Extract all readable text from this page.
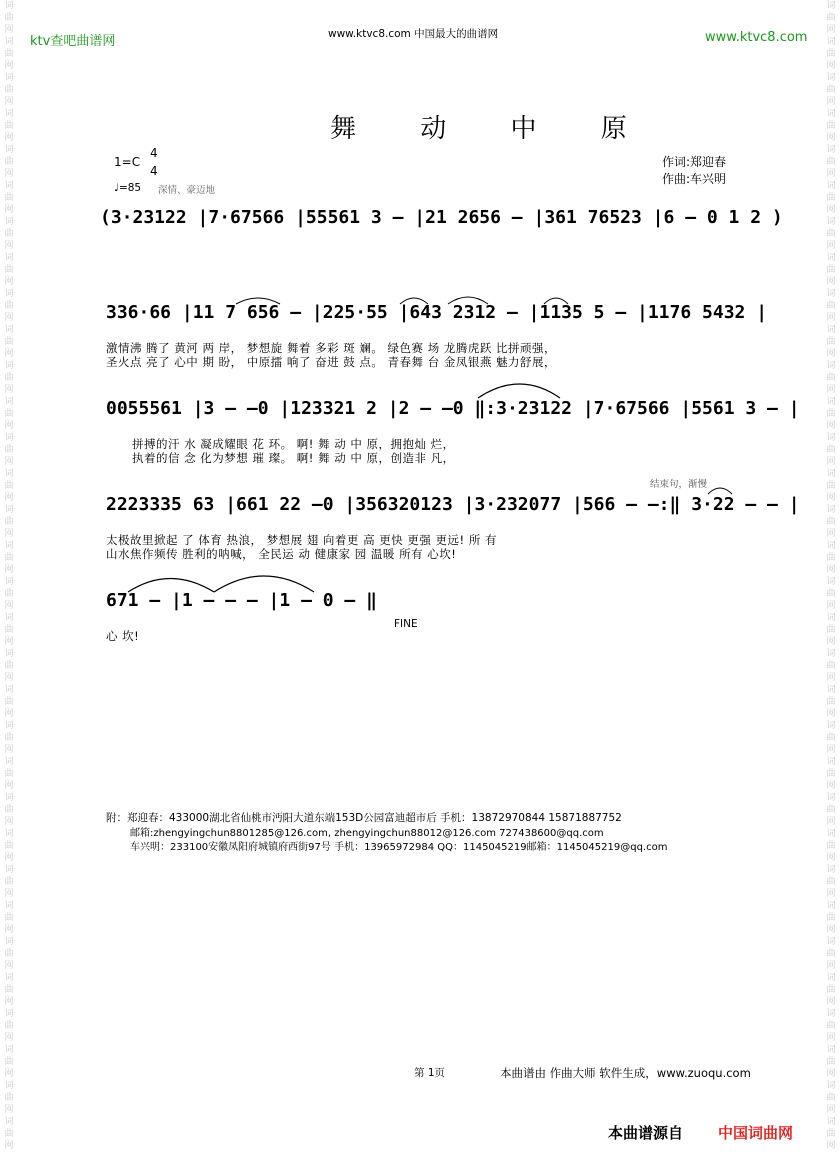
词
曲
网
词
曲
网
词
曲
网
词
曲
网
词
曲
网
词
曲
网
词
曲
网
词
曲
网
词
曲
网
词
曲
网
词
曲
网
词
曲
网
词
曲
网
词
曲
网
词
曲
网
词
曲
网
词
曲
网
词
曲
网
词
曲
网
词
曲
网
词
曲
网
词
曲
网
词
曲
网
词
曲
网
词
曲
网
词
曲
网
词
曲
网
词
曲
网
词
曲
网
词
曲
网
词
曲
网
词
曲
网
词
曲
网
词
曲
网
词
曲
网
词
曲
网
词
曲
网
词
曲
网
词
曲
网
词
曲
网
词
曲
网
词
曲
网
词
曲
网
词
曲
网
词
曲
网
词
曲
网
词
曲
网
词
曲
网
词
曲
网
词
曲
网
词
曲
网
词
曲
网
词
曲
网
词
曲
网
词
曲
网
词
曲
网
词
曲
网
词
曲
网
词
曲
网
词
曲
网
词
曲
网
词
曲
网
词
曲
网
词
曲
网
ktv查吧曲谱网	www.ktvc8.com 中国最大的曲谱网	www.ktvc8.com
舞 动 中 原
1=C
4
4
♩=85 深情、豪迈地
作词:郑迎春
作曲:车兴明
(3·23122 |7·67566 |55561 3 – |21 2656 – |361 76523 |6 – 0 1 2 )
336·66 |11 7 656 – |225·55 |643 2312 – |1135 5 – |1176 5432 |
激情沸 腾了 黄河 两 岸， 梦想旋 舞着 多彩 斑 斓。 绿色赛 场 龙腾虎跃 比拼顽强，
圣火点 亮了 心中 期 盼， 中原擂 响了 奋进 鼓 点。 青春舞 台 金凤银燕 魅力舒展，
0055561 |3 – –0 |123321 2 |2 – –0 ‖:3·23122 |7·67566 |5561 3 – |
拼搏的汗 水 凝成耀眼 花 环。 啊! 舞 动 中 原，拥抱灿 烂，
执着的信 念 化为梦想 璀 璨。 啊! 舞 动 中 原，创造非 凡，
结束句，渐慢
2223335 63 |661 22 –0 |356320123 |3·232077 |566 – –:‖ 3·22 – – |
太极故里掀起 了 体育 热浪， 梦想展 翅 向着更 高 更快 更强 更远! 所 有
山水焦作频传 胜利的呐喊， 全民运 动 健康家 园 温暖 所有 心坎!
671 – |1 – – – |1 – 0 – ‖
FINE
心 坎!
附：郑迎春：433000湖北省仙桃市沔阳大道东端153D公园富迪超市后 手机：13872970844 15871887752
邮箱:zhengyingchun8801285@126.com, zhengyingchun88012@126.com 727438600@qq.com
车兴明：233100安徽凤阳府城镇府西街97号 手机：13965972984 QQ：1145045219邮箱：1145045219@qq.com
第 1页	本曲谱由 作曲大师 软件生成，www.zuoqu.com
本曲谱源自 中国词曲网
